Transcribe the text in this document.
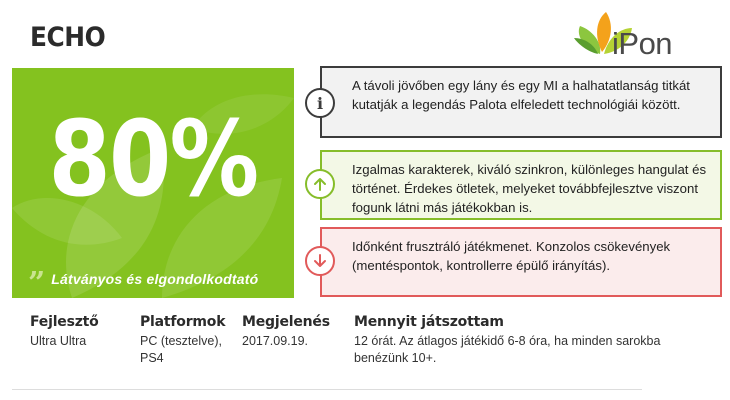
ECHO	iPon
80%
” Látványos és elgondolkodtató
A távoli jövőben egy lány és egy MI a halhatatlanság titkát kutatják a legendás Palota elfeledett technológiái között.
i
Izgalmas karakterek, kiváló szinkron, különleges hangulat és történet. Érdekes ötletek, melyeket továbbfejlesztve viszont fogunk látni más játékokban is.
Időnként frusztráló játékmenet. Konzolos csökevények (mentéspontok, kontrollerre épülő irányítás).
Fejlesztő
Ultra Ultra
Platformok
PC (tesztelve), PS4
Megjelenés
2017.09.19.
Mennyit játszottam
12 órát. Az átlagos játékidő 6-8 óra, ha minden sarokba benézünk 10+.
